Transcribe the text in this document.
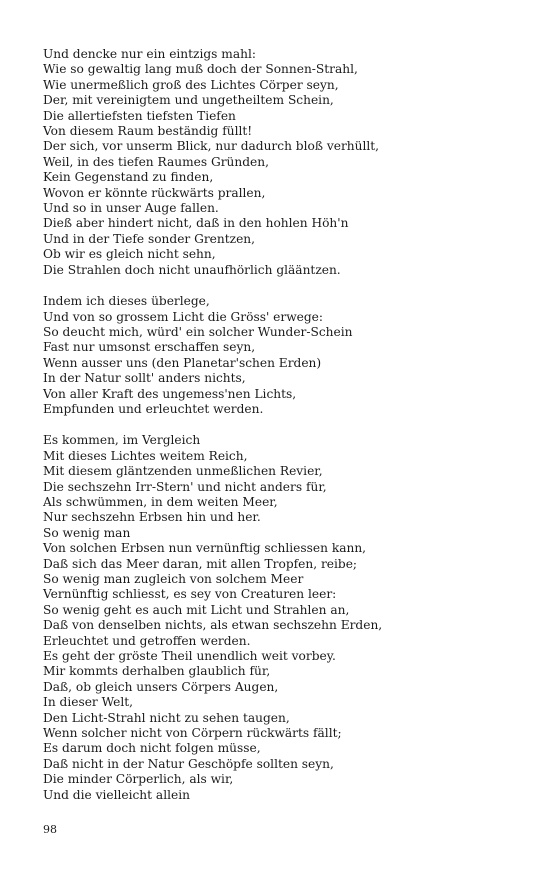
Und dencke nur ein eintzigs mahl:
Wie so gewaltig lang muß doch der Sonnen-Strahl,
Wie unermeßlich groß des Lichtes Cörper seyn,
Der, mit vereinigtem und ungetheiltem Schein,
Die allertiefsten tiefsten Tiefen
Von diesem Raum beständig füllt!
Der sich, vor unserm Blick, nur dadurch bloß verhüllt,
Weil, in des tiefen Raumes Gründen,
Kein Gegenstand zu finden,
Wovon er könnte rückwärts prallen,
Und so in unser Auge fallen.
Dieß aber hindert nicht, daß in den hohlen Höh'n
Und in der Tiefe sonder Grentzen,
Ob wir es gleich nicht sehn,
Die Strahlen doch nicht unaufhörlich glääntzen.
Indem ich dieses überlege,
Und von so grossem Licht die Gröss' erwege:
So deucht mich, würd' ein solcher Wunder-Schein
Fast nur umsonst erschaffen seyn,
Wenn ausser uns (den Planetar'schen Erden)
In der Natur sollt' anders nichts,
Von aller Kraft des ungemess'nen Lichts,
Empfunden und erleuchtet werden.
Es kommen, im Vergleich
Mit dieses Lichtes weitem Reich,
Mit diesem gläntzenden unmeßlichen Revier,
Die sechszehn Irr-Stern' und nicht anders für,
Als schwümmen, in dem weiten Meer,
Nur sechszehn Erbsen hin und her.
So wenig man
Von solchen Erbsen nun vernünftig schliessen kann,
Daß sich das Meer daran, mit allen Tropfen, reibe;
So wenig man zugleich von solchem Meer
Vernünftig schliesst, es sey von Creaturen leer:
So wenig geht es auch mit Licht und Strahlen an,
Daß von denselben nichts, als etwan sechszehn Erden,
Erleuchtet und getroffen werden.
Es geht der gröste Theil unendlich weit vorbey.
Mir kommts derhalben glaublich für,
Daß, ob gleich unsers Cörpers Augen,
In dieser Welt,
Den Licht-Strahl nicht zu sehen taugen,
Wenn solcher nicht von Cörpern rückwärts fällt;
Es darum doch nicht folgen müsse,
Daß nicht in der Natur Geschöpfe sollten seyn,
Die minder Cörperlich, als wir,
Und die vielleicht allein
98
